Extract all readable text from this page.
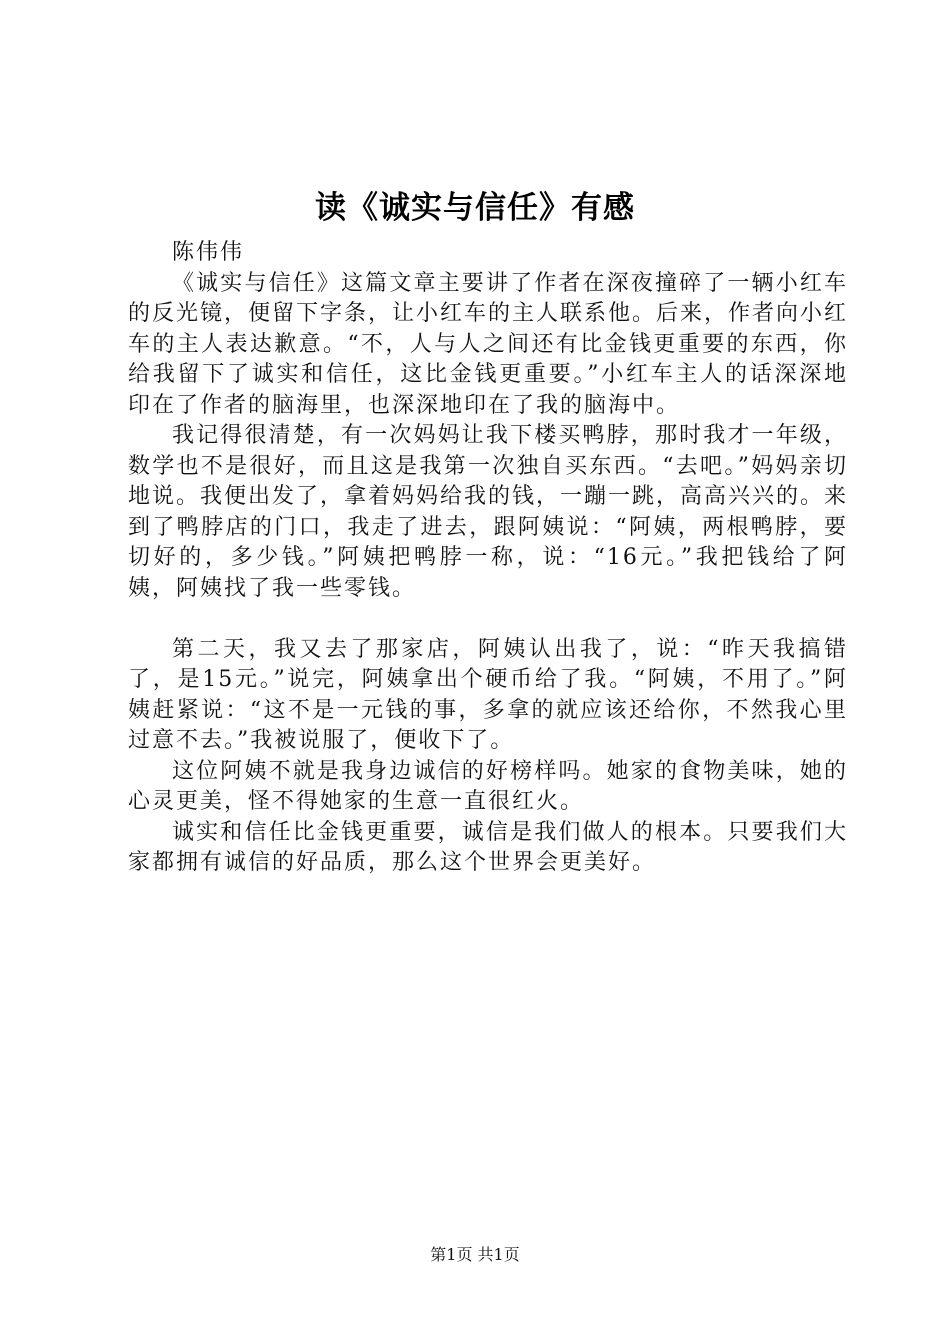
读《诚实与信任》有感

陈伟伟

《诚实与信任》这篇文章主要讲了作者在深夜撞碎了一辆小红车的反光镜，便留下字条，让小红车的主人联系他。后来，作者向小红车的主人表达歉意。“不，人与人之间还有比金钱更重要的东西，你给我留下了诚实和信任，这比金钱更重要。”小红车主人的话深深地印在了作者的脑海里，也深深地印在了我的脑海中。

我记得很清楚，有一次妈妈让我下楼买鸭脖，那时我才一年级，数学也不是很好，而且这是我第一次独自买东西。“去吧。”妈妈亲切地说。我便出发了，拿着妈妈给我的钱，一蹦一跳，高高兴兴的。来到了鸭脖店的门口，我走了进去，跟阿姨说：“阿姨，两根鸭脖，要切好的，多少钱。”阿姨把鸭脖一称，说：“16元。”我把钱给了阿姨，阿姨找了我一些零钱。

第二天，我又去了那家店，阿姨认出我了，说：“昨天我搞错了，是15元。”说完，阿姨拿出个硬币给了我。“阿姨，不用了。”阿姨赶紧说：“这不是一元钱的事，多拿的就应该还给你，不然我心里过意不去。”我被说服了，便收下了。

这位阿姨不就是我身边诚信的好榜样吗。她家的食物美味，她的心灵更美，怪不得她家的生意一直很红火。

诚实和信任比金钱更重要，诚信是我们做人的根本。只要我们大家都拥有诚信的好品质，那么这个世界会更美好。

第1页 共1页
